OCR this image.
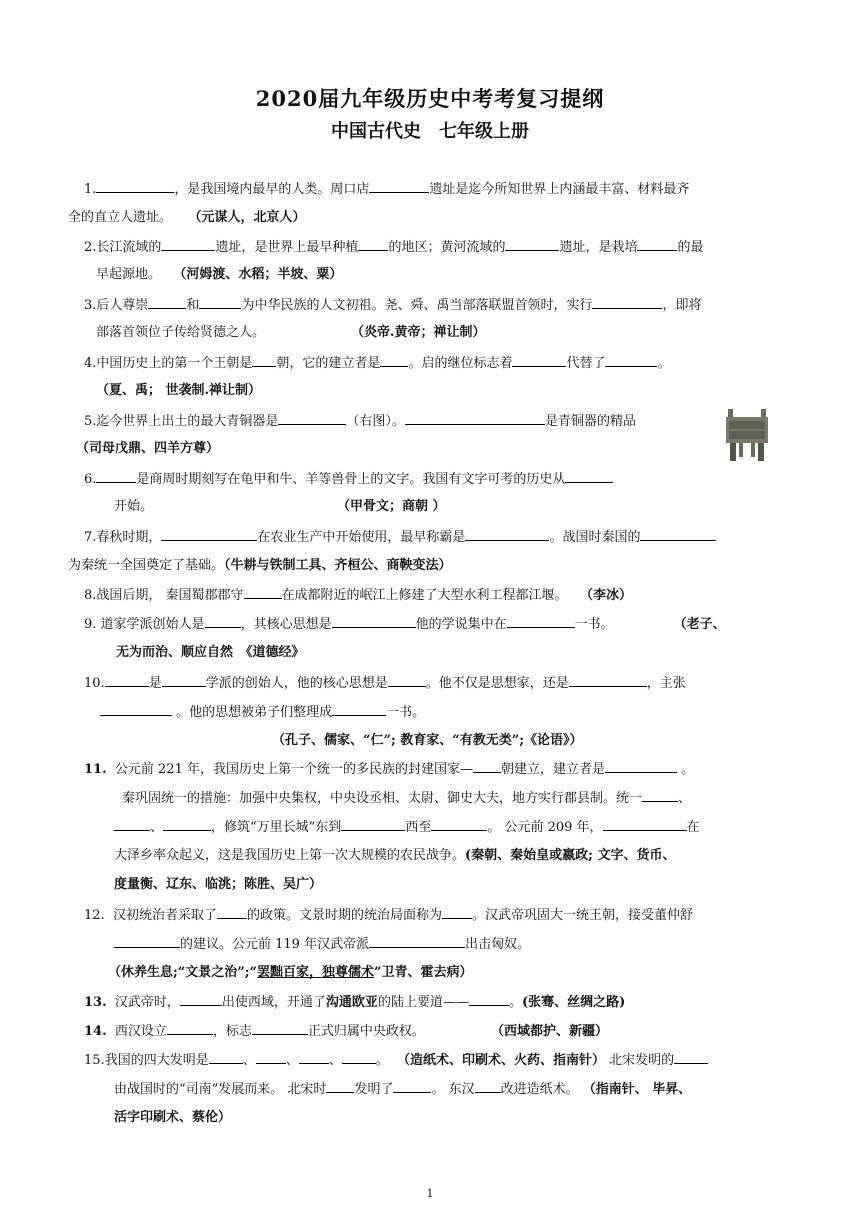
2020届九年级历史中考考复习提纲
中国古代史　七年级上册
1.	，是我国境内最早的人类。周口店	遗址是迄今所知世界上内涵最丰富、材料最齐
全的直立人遗址。 （元谋人，北京人）
2.长江流域的	遗址，是世界上最早种植 的地区；黄河流域的	遗址，是栽培	的最
早起源地。 （河姆渡、水稻；半坡、粟）
3.后人尊崇	和	为中华民族的人文初祖。尧、舜、禹当部落联盟首领时，实行	，即将
部落首领位子传给贤德之人。	（炎帝.黄帝；禅让制）
4.中国历史上的第一个王朝是 朝，它的建立者是 。启的继位标志着	代替了	。
（夏、禹； 世袭制.禅让制）
5.迄今世界上出土的最大青铜器是	（右图）。	是青铜器的精品
（司母戊鼎、四羊方尊）
6.	是商周时期刻写在龟甲和牛、羊等兽骨上的文字。我国有文字可考的历史从
开始。	（甲骨文；商朝 ）
7.春秋时期，	在农业生产中开始使用，最早称霸是	。战国时秦国的
为秦统一全国奠定了基础。（牛耕与铁制工具、齐桓公、商鞅变法）
8.战国后期， 秦国蜀郡郡守	在成都附近的岷江上修建了大型水利工程都江堰。 （李冰）
9. 道家学派创始人是	，其核心思想是	他的学说集中在	一书。	（老子、
无为而治、顺应自然　《道德经》
10.	是	学派的创始人，他的核心思想是	。他不仅是思想家，还是	，主张
。他的思想被弟子们整理成	一书。
（孔子、儒家、“仁”; 教育家、“有教无类”;《论语》）
11. 公元前 221 年，我国历史上第一个统一的多民族的封建国家— 朝建立，建立者是	。
秦巩固统一的措施：加强中央集权，中央设丞相、太尉、御史大夫，地方实行郡县制。统一	、
、	，修筑“万里长城”东到	西至	。 公元前 209 年，	在
大泽乡率众起义，这是我国历史上第一次大规模的农民战争。(秦朝、秦始皇或嬴政; 文字、货币、
度量衡、辽东、临洮；陈胜、吴广）
12. 汉初统治者采取了 的政策。文景时期的统治局面称为 。汉武帝巩固大一统王朝，接受董仲舒
的建议。公元前 119 年汉武帝派	出击匈奴。
（休养生息;“文景之治”;“罢黜百家，独尊儒术”卫青、霍去病）
13. 汉武帝时，	出使西域，开通了沟通欧亚的陆上要道——	。(张骞、丝绸之路)
14. 西汉设立	，标志	正式归属中央政权。	（西域都护、新疆）
15.我国的四大发明是	、 、 、	。 （造纸术、印刷术、火药、指南针） 北宋发明的
由战国时的“司南”发展而来。 北宋时 发明了	。 东汉 改进造纸术。 （指南针、 毕昇、
活字印刷术、蔡伦）
1
